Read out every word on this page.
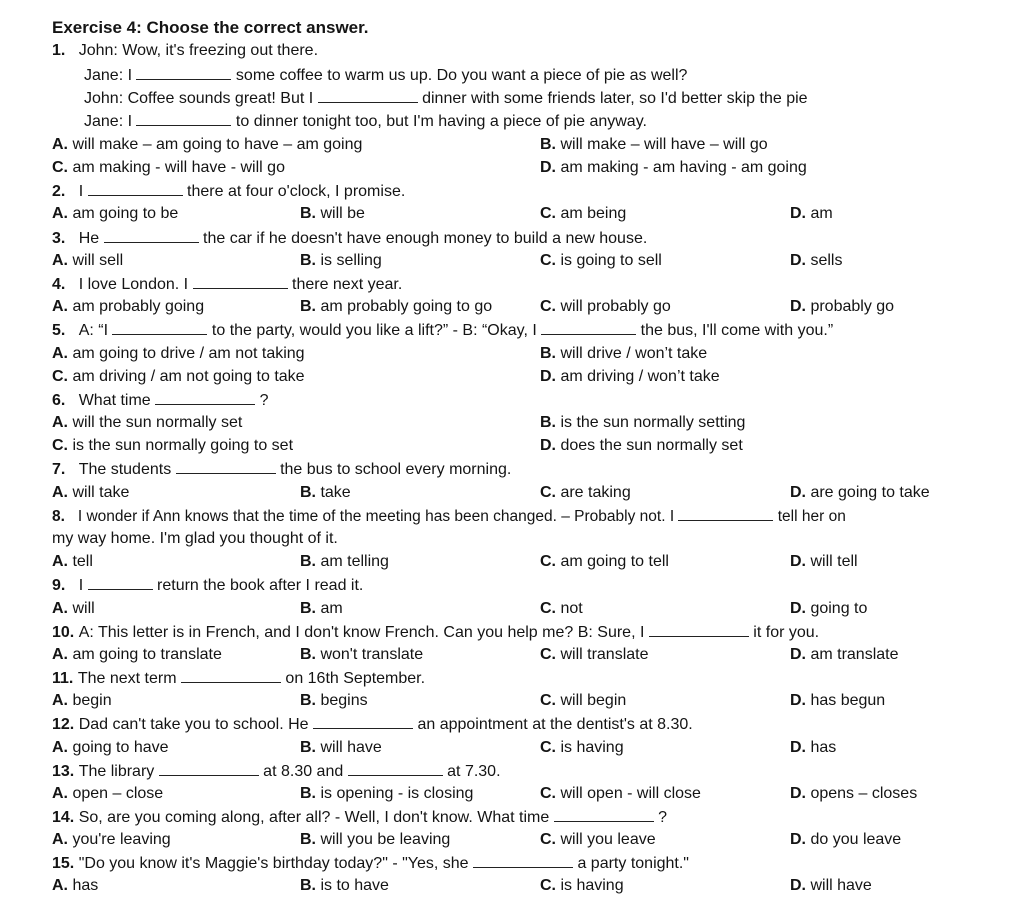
Exercise 4: Choose the correct answer.
1. John: Wow, it's freezing out there.
Jane: I	some coffee to warm us up. Do you want a piece of pie as well?
John: Coffee sounds great! But I	dinner with some friends later, so I'd better skip the pie
Jane: I	to dinner tonight too, but I'm having a piece of pie anyway.
A. will make – am going to have – am going	B. will make – will have – will go
C. am making - will have - will go	D. am making - am having - am going
2. I	there at four o'clock, I promise.
A. am going to be	B. will be	C. am being	D. am
3. He	the car if he doesn't have enough money to build a new house.
A. will sell	B. is selling	C. is going to sell	D. sells
4. I love London. I	there next year.
A. am probably going	B. am probably going to go	C. will probably go	D. probably go
5. A: “I	to the party, would you like a lift?” - B: “Okay, I	the bus, I'll come with you.”
A. am going to drive / am not taking	B. will drive / won’t take
C. am driving / am not going to take	D. am driving / won’t take
6. What time	?
A. will the sun normally set	B. is the sun normally setting
C. is the sun normally going to set	D. does the sun normally set
7. The students	the bus to school every morning.
A. will take	B. take	C. are taking	D. are going to take
8. I wonder if Ann knows that the time of the meeting has been changed. – Probably not. I	tell her on
my way home. I'm glad you thought of it.
A. tell	B. am telling	C. am going to tell	D. will tell
9. I	return the book after I read it.
A. will	B. am	C. not	D. going to
10. A: This letter is in French, and I don't know French. Can you help me? B: Sure, I	it for you.
A. am going to translate	B. won't translate	C. will translate	D. am translate
11. The next term	on 16th September.
A. begin	B. begins	C. will begin	D. has begun
12. Dad can't take you to school. He	an appointment at the dentist's at 8.30.
A. going to have	B. will have	C. is having	D. has
13. The library	at 8.30 and	at 7.30.
A. open – close	B. is opening - is closing	C. will open - will close	D. opens – closes
14. So, are you coming along, after all? - Well, I don't know. What time	?
A. you're leaving	B. will you be leaving	C. will you leave	D. do you leave
15. "Do you know it's Maggie's birthday today?" - "Yes, she	a party tonight."
A. has	B. is to have	C. is having	D. will have
